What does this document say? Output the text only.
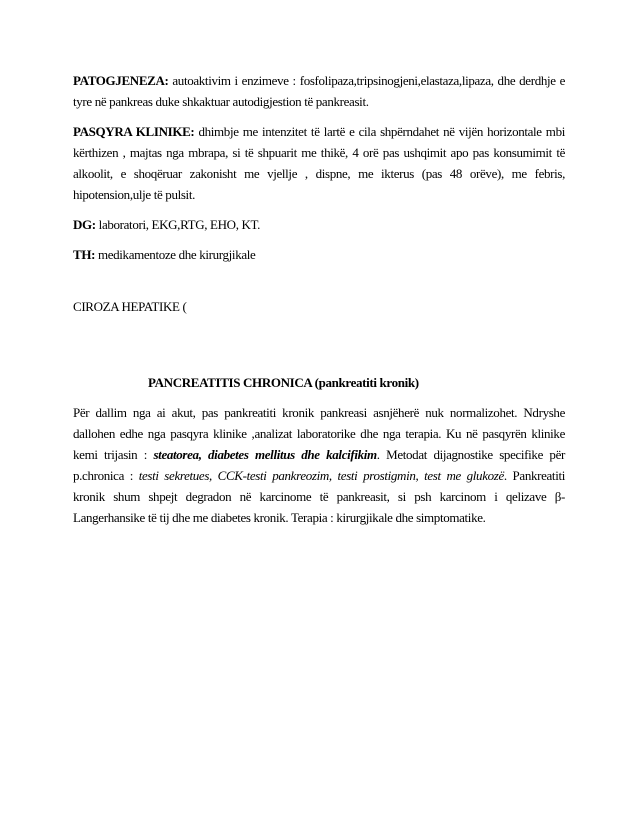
PATOGJENEZA: autoaktivim i enzimeve : fosfolipaza,tripsinogjeni,elastaza,lipaza, dhe derdhje e tyre në pankreas duke shkaktuar autodigjestion të pankreasit.

PASQYRA KLINIKE: dhimbje me intenzitet të lartë e cila shpërndahet në vijën horizontale mbi kërthizen , majtas nga mbrapa, si të shpuarit me thikë, 4 orë pas ushqimit apo pas konsumimit të alkoolit, e shoqëruar zakonisht me vjellje , dispne, me ikterus (pas 48 orëve), me febris, hipotension,ulje të pulsit.

DG: laboratori, EKG,RTG, EHO, KT.

TH: medikamentoze dhe kirurgjikale

CIROZA HEPATIKE (

PANCREATITIS CHRONICA (pankreatiti kronik)

Për dallim nga ai akut, pas pankreatiti kronik pankreasi asnjëherë nuk normalizohet. Ndryshe dallohen edhe nga pasqyra klinike ,analizat laboratorike dhe nga terapia. Ku në pasqyrën klinike kemi trijasin : steatorea, diabetes mellitus dhe kalcifikim. Metodat dijagnostike specifike për p.chronica : testi sekretues, CCK-testi pankreozim, testi prostigmin, test me glukozë. Pankreatiti kronik shum shpejt degradon në karcinome të pankreasit, si psh karcinom i qelizave β-Langerhansike të tij dhe me diabetes kronik. Terapia : kirurgjikale dhe simptomatike.
